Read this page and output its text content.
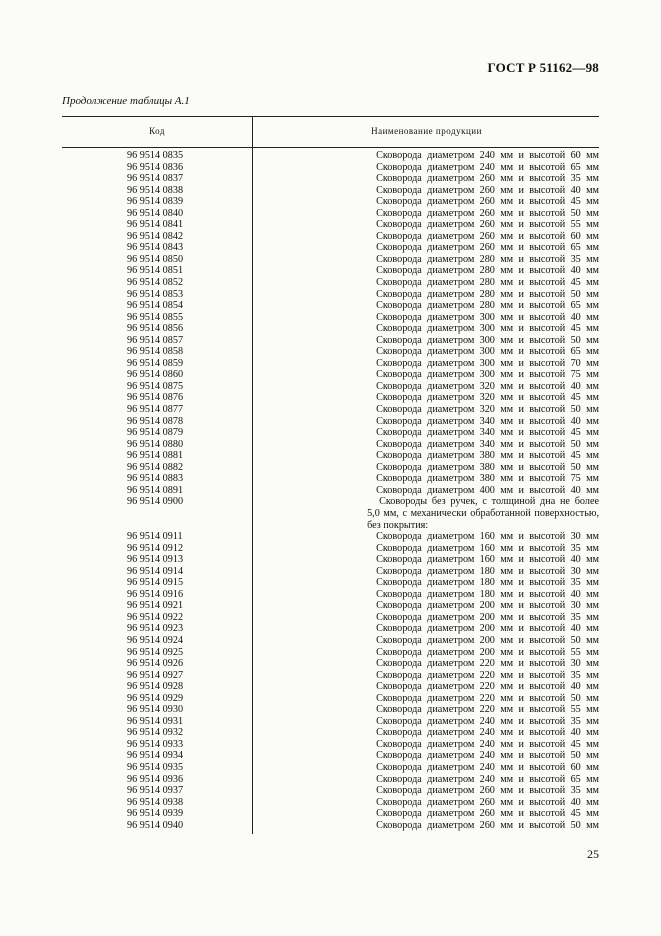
ГОСТ Р 51162—98
Продолжение таблицы А.1
Код	Наименование продукции
96 9514 0835	Сковорода диаметром 240 мм и высотой 60 мм
96 9514 0836	Сковорода диаметром 240 мм и высотой 65 мм
96 9514 0837	Сковорода диаметром 260 мм и высотой 35 мм
96 9514 0838	Сковорода диаметром 260 мм и высотой 40 мм
96 9514 0839	Сковорода диаметром 260 мм и высотой 45 мм
96 9514 0840	Сковорода диаметром 260 мм и высотой 50 мм
96 9514 0841	Сковорода диаметром 260 мм и высотой 55 мм
96 9514 0842	Сковорода диаметром 260 мм и высотой 60 мм
96 9514 0843	Сковорода диаметром 260 мм и высотой 65 мм
96 9514 0850	Сковорода диаметром 280 мм и высотой 35 мм
96 9514 0851	Сковорода диаметром 280 мм и высотой 40 мм
96 9514 0852	Сковорода диаметром 280 мм и высотой 45 мм
96 9514 0853	Сковорода диаметром 280 мм и высотой 50 мм
96 9514 0854	Сковорода диаметром 280 мм и высотой 65 мм
96 9514 0855	Сковорода диаметром 300 мм и высотой 40 мм
96 9514 0856	Сковорода диаметром 300 мм и высотой 45 мм
96 9514 0857	Сковорода диаметром 300 мм и высотой 50 мм
96 9514 0858	Сковорода диаметром 300 мм и высотой 65 мм
96 9514 0859	Сковорода диаметром 300 мм и высотой 70 мм
96 9514 0860	Сковорода диаметром 300 мм и высотой 75 мм
96 9514 0875	Сковорода диаметром 320 мм и высотой 40 мм
96 9514 0876	Сковорода диаметром 320 мм и высотой 45 мм
96 9514 0877	Сковорода диаметром 320 мм и высотой 50 мм
96 9514 0878	Сковорода диаметром 340 мм и высотой 40 мм
96 9514 0879	Сковорода диаметром 340 мм и высотой 45 мм
96 9514 0880	Сковорода диаметром 340 мм и высотой 50 мм
96 9514 0881	Сковорода диаметром 380 мм и высотой 45 мм
96 9514 0882	Сковорода диаметром 380 мм и высотой 50 мм
96 9514 0883	Сковорода диаметром 380 мм и высотой 75 мм
96 9514 0891	Сковорода диаметром 400 мм и высотой 40 мм
96 9514 0900	Сковороды без ручек, с толщиной дна не более
5,0 мм, с механически обработанной поверхностью,
без покрытия:
96 9514 0911	Сковорода диаметром 160 мм и высотой 30 мм
96 9514 0912	Сковорода диаметром 160 мм и высотой 35 мм
96 9514 0913	Сковорода диаметром 160 мм и высотой 40 мм
96 9514 0914	Сковорода диаметром 180 мм и высотой 30 мм
96 9514 0915	Сковорода диаметром 180 мм и высотой 35 мм
96 9514 0916	Сковорода диаметром 180 мм и высотой 40 мм
96 9514 0921	Сковорода диаметром 200 мм и высотой 30 мм
96 9514 0922	Сковорода диаметром 200 мм и высотой 35 мм
96 9514 0923	Сковорода диаметром 200 мм и высотой 40 мм
96 9514 0924	Сковорода диаметром 200 мм и высотой 50 мм
96 9514 0925	Сковорода диаметром 200 мм и высотой 55 мм
96 9514 0926	Сковорода диаметром 220 мм и высотой 30 мм
96 9514 0927	Сковорода диаметром 220 мм и высотой 35 мм
96 9514 0928	Сковорода диаметром 220 мм и высотой 40 мм
96 9514 0929	Сковорода диаметром 220 мм и высотой 50 мм
96 9514 0930	Сковорода диаметром 220 мм и высотой 55 мм
96 9514 0931	Сковорода диаметром 240 мм и высотой 35 мм
96 9514 0932	Сковорода диаметром 240 мм и высотой 40 мм
96 9514 0933	Сковорода диаметром 240 мм и высотой 45 мм
96 9514 0934	Сковорода диаметром 240 мм и высотой 50 мм
96 9514 0935	Сковорода диаметром 240 мм и высотой 60 мм
96 9514 0936	Сковорода диаметром 240 мм и высотой 65 мм
96 9514 0937	Сковорода диаметром 260 мм и высотой 35 мм
96 9514 0938	Сковорода диаметром 260 мм и высотой 40 мм
96 9514 0939	Сковорода диаметром 260 мм и высотой 45 мм
96 9514 0940	Сковорода диаметром 260 мм и высотой 50 мм
25
